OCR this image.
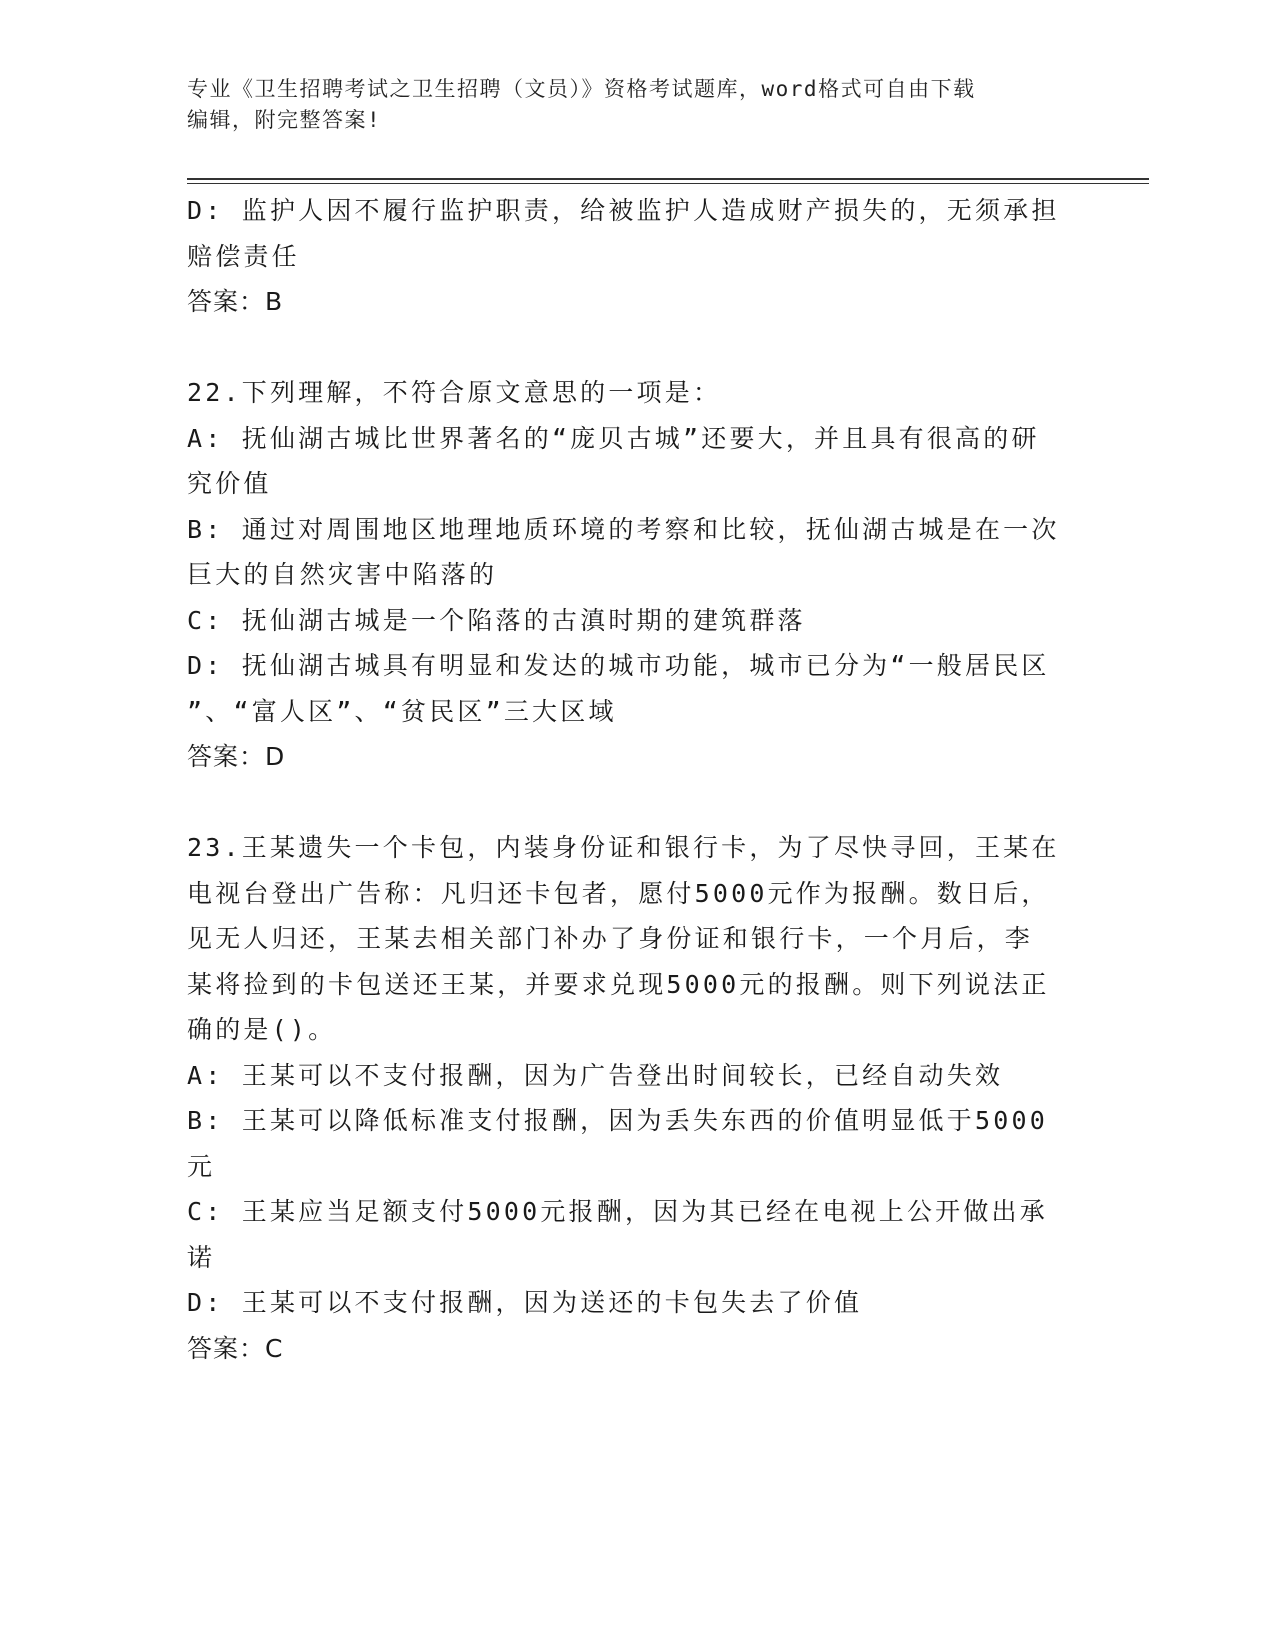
专业《卫生招聘考试之卫生招聘（文员）》资格考试题库，word格式可自由下载
编辑，附完整答案!

D: 监护人因不履行监护职责，给被监护人造成财产损失的，无须承担

赔偿责任

答案：B

22.下列理解，不符合原文意思的一项是：

A: 抚仙湖古城比世界著名的“庞贝古城”还要大，并且具有很高的研

究价值

B: 通过对周围地区地理地质环境的考察和比较，抚仙湖古城是在一次

巨大的自然灾害中陷落的

C: 抚仙湖古城是一个陷落的古滇时期的建筑群落

D: 抚仙湖古城具有明显和发达的城市功能，城市已分为“一般居民区

”、“富人区”、“贫民区”三大区域

答案：D

23.王某遗失一个卡包，内装身份证和银行卡，为了尽快寻回，王某在

电视台登出广告称：凡归还卡包者，愿付5000元作为报酬。数日后，

见无人归还，王某去相关部门补办了身份证和银行卡，一个月后，李

某将捡到的卡包送还王某，并要求兑现5000元的报酬。则下列说法正

确的是()。

A: 王某可以不支付报酬，因为广告登出时间较长，已经自动失效

B: 王某可以降低标准支付报酬，因为丢失东西的价值明显低于5000

元

C: 王某应当足额支付5000元报酬，因为其已经在电视上公开做出承

诺

D: 王某可以不支付报酬，因为送还的卡包失去了价值

答案：C
